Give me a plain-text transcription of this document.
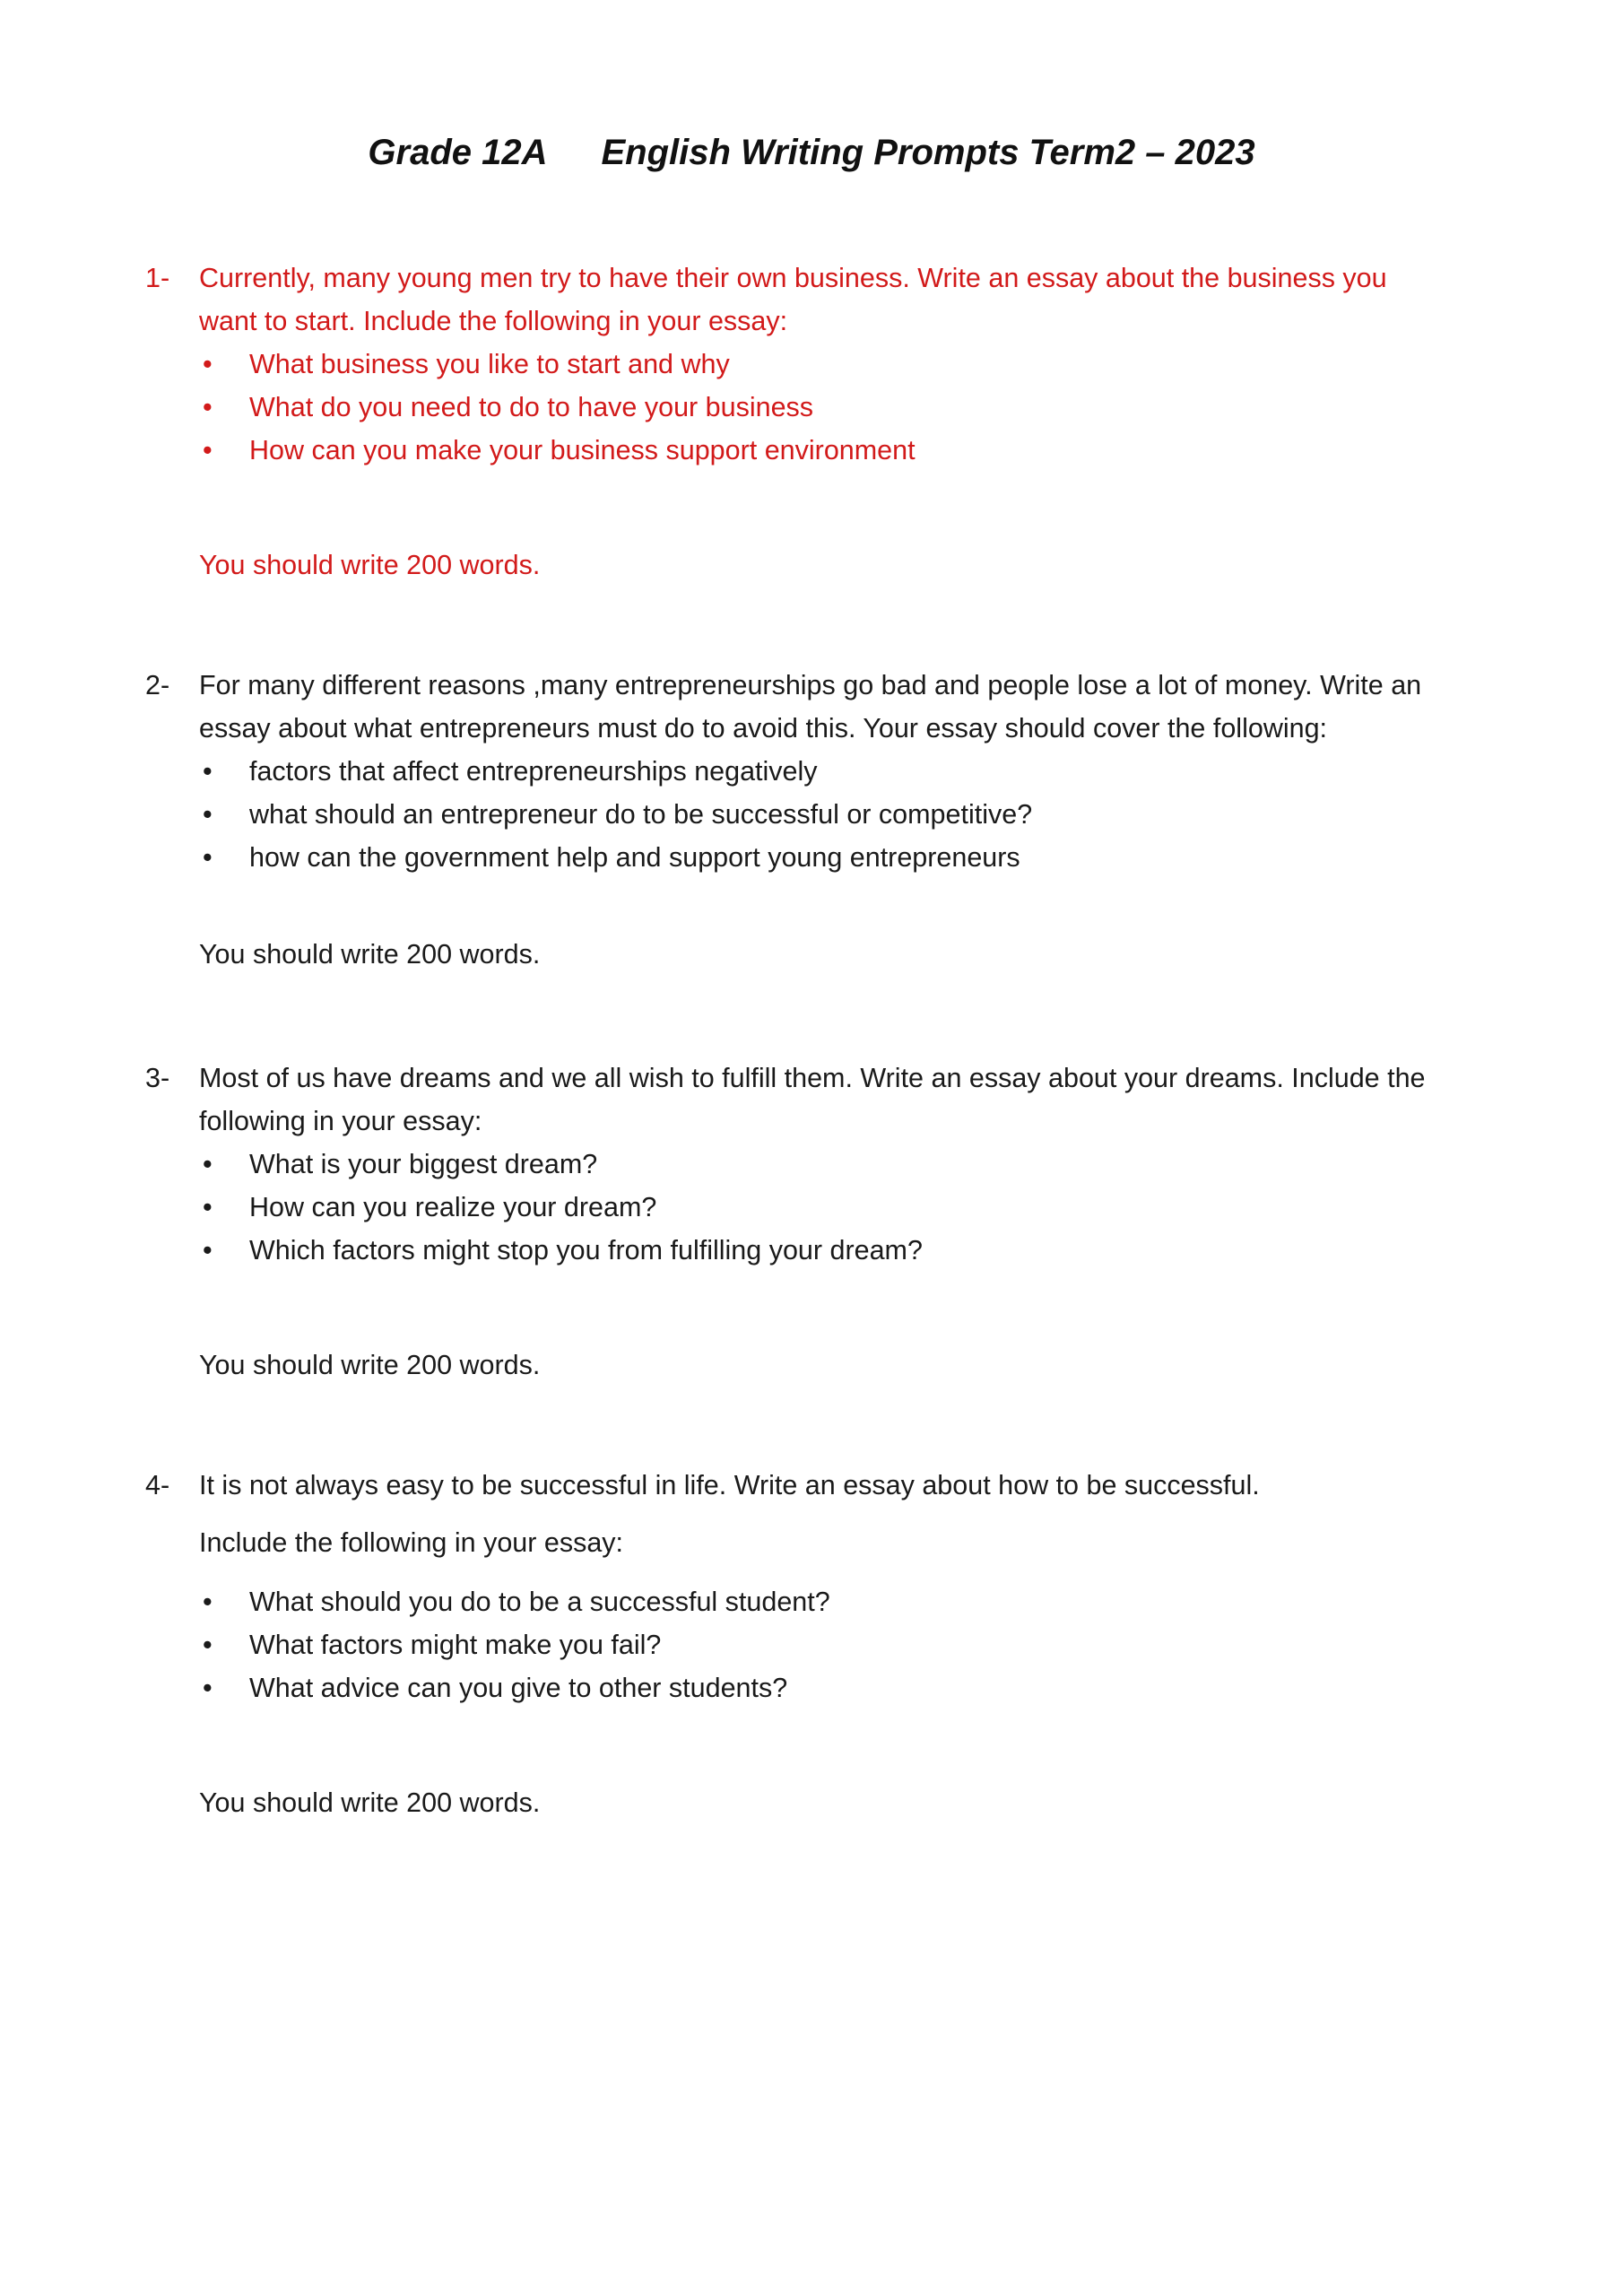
Grade 12A English Writing Prompts Term2 – 2023
1-	Currently, many young men try to have their own business. Write an essay about the business you want to start. Include the following in your essay:
• What business you like to start and why
• What do you need to do to have your business
• How can you make your business support environment
You should write 200 words.
2-	For many different reasons ,many entrepreneurships go bad and people lose a lot of money. Write an essay about what entrepreneurs must do to avoid this. Your essay should cover the following:
• factors that affect entrepreneurships negatively
• what should an entrepreneur do to be successful or competitive?
• how can the government help and support young entrepreneurs
You should write 200 words.
3-	Most of us have dreams and we all wish to fulfill them. Write an essay about your dreams. Include the following in your essay:
• What is your biggest dream?
• How can you realize your dream?
• Which factors might stop you from fulfilling your dream?
You should write 200 words.
4-	It is not always easy to be successful in life. Write an essay about how to be successful.
Include the following in your essay:
• What should you do to be a successful student?
• What factors might make you fail?
• What advice can you give to other students?
You should write 200 words.
